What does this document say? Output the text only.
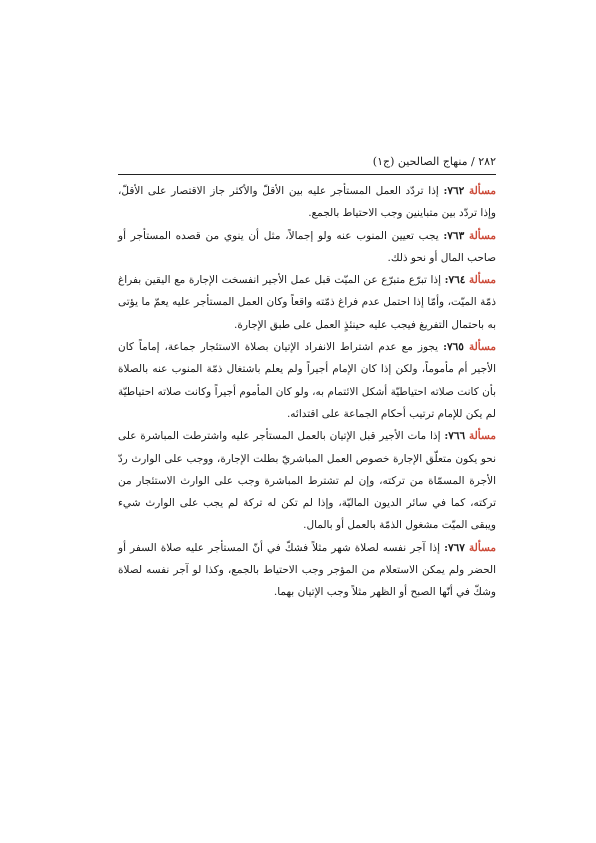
٢٨٢ / منهاج الصالحين (ج١)

مسألة ٧٦٢: إذا تردّد العمل المستأجر عليه بين الأقلّ والأكثر جاز الاقتصار على الأقلّ، وإذا تردّد بين متباينين وجب الاحتياط بالجمع.

مسألة ٧٦٣: يجب تعيين المنوب عنه ولو إجمالاً، مثل أن ينوي من قصده المستأجر أو صاحب المال أو نحو ذلك.

مسألة ٧٦٤: إذا تبرّع متبرّع عن الميّت قبل عمل الأجير انفسخت الإجارة مع اليقين بفراغ ذمّة الميّت، وأمّا إذا احتمل عدم فراغ ذمّته واقعاً وكان العمل المستأجر عليه يعمّ ما يؤتى به باحتمال التفريغ فيجب عليه حينئذٍ العمل على طبق الإجارة.

مسألة ٧٦٥: يجوز مع عدم اشتراط الانفراد الإتيان بصلاة الاستئجار جماعة، إماماً كان الأجير أم مأموماً، ولكن إذا كان الإمام أجيراً ولم يعلم باشتغال ذمّة المنوب عنه بالصلاة بأن كانت صلاته احتياطيّة أشكل الائتمام به، ولو كان المأموم أجيراً وكانت صلاته احتياطيّة لم يكن للإمام ترتيب أحكام الجماعة على اقتدائه.

مسألة ٧٦٦: إذا مات الأجير قبل الإتيان بالعمل المستأجر عليه واشترطت المباشرة على نحو يكون متعلّق الإجارة خصوص العمل المباشريّ بطلت الإجارة، ووجب على الوارث ردّ الأجرة المسمّاة من تركته، وإن لم تشترط المباشرة وجب على الوارث الاستئجار من تركته، كما في سائر الديون الماليّة، وإذا لم تكن له تركة لم يجب على الوارث شيء ويبقى الميّت مشغول الذمّة بالعمل أو بالمال.

مسألة ٧٦٧: إذا آجر نفسه لصلاة شهر مثلاً فشكّ في أنّ المستأجر عليه صلاة السفر أو الحضر ولم يمكن الاستعلام من المؤجر وجب الاحتياط بالجمع، وكذا لو آجر نفسه لصلاة وشكّ في أنّها الصبح أو الظهر مثلاً وجب الإتيان بهما.
